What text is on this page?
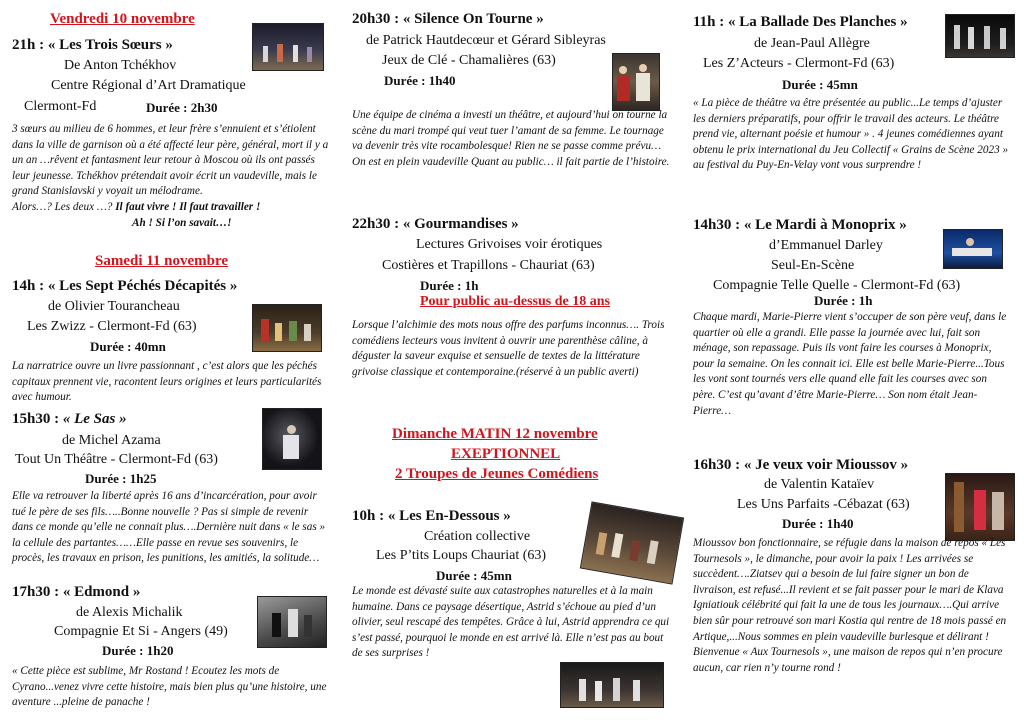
Vendredi 10 novembre
21h : « Les Trois Sœurs »
De Anton Tchékhov
Centre Régional d’Art Dramatique
Clermont-Fd	Durée : 2h30
3 sœurs au milieu de 6 hommes, et leur frère s’ennuient et s’étiolent dans la ville de garnison où a été affecté leur père, général, mort il y a un an …rêvent et fantasment leur retour à Moscou où ils ont passés leur jeunesse. Tchékhov prétendait avoir écrit un vaudeville, mais le grand Stanislavski y voyait un mélodrame.
Alors…? Les deux …? Il faut vivre ! Il faut travailler !
Ah ! Si l’on savait…!
Samedi 11 novembre
14h : « Les Sept Péchés Décapités »
de Olivier Tourancheau
Les Zwizz - Clermont-Fd (63)
Durée : 40mn
La narratrice ouvre un livre passionnant , c’est alors que les péchés capitaux prennent vie, racontent leurs origines et leurs particularités avec humour.
15h30 : « Le Sas »
de Michel Azama
Tout Un Théâtre - Clermont-Fd (63)
Durée : 1h25
Elle va retrouver la liberté après 16 ans d’incarcération, pour avoir tué le père de ses fils…..Bonne nouvelle ? Pas si simple de revenir dans ce monde qu’elle ne connait plus….Dernière nuit dans « le sas » la cellule des partantes……Elle passe en revue ses souvenirs, le procès, les travaux en prison, les punitions, les amitiés, la solitude…
17h30 : « Edmond »
de Alexis Michalik
Compagnie Et Si - Angers (49)
Durée : 1h20
« Cette pièce est sublime, Mr Rostand ! Ecoutez les mots de Cyrano...venez vivre cette histoire, mais bien plus qu’une histoire, une aventure ...pleine de panache !
20h30 : « Silence On Tourne »
de Patrick Hautdecœur et Gérard Sibleyras
Jeux de Clé - Chamalières (63)
Durée : 1h40
Une équipe de cinéma a investi un théâtre, et aujourd’hui on tourne la scène du mari trompé qui veut tuer l’amant de sa femme. Le tournage va devenir très vite rocambolesque! Rien ne se passe comme prévu…On est en plein vaudeville Quant au public… il fait partie de l’histoire.
22h30 : « Gourmandises »
Lectures Grivoises voir érotiques
Costières et Trapillons - Chauriat (63)
Durée : 1h
Pour public au-dessus de 18 ans
Lorsque l’alchimie des mots nous offre des parfums inconnus…. Trois comédiens lecteurs vous invitent à ouvrir une parenthèse câline, à déguster la saveur exquise et sensuelle de textes de la littérature grivoise classique et contemporaine.(réservé à un public averti)
Dimanche MATIN 12 novembre
EXEPTIONNEL
2 Troupes de Jeunes Comédiens
10h : « Les En-Dessous »
Création collective
Les P’tits Loups Chauriat (63)
Durée : 45mn
Le monde est dévasté suite aux catastrophes naturelles et à la main humaine. Dans ce paysage désertique, Astrid s’échoue au pied d’un olivier, seul rescapé des tempêtes. Grâce à lui, Astrid apprendra ce qui s’est passé, pourquoi le monde en est arrivé là. Elle n’est pas au bout de ses surprises !
11h : « La Ballade Des Planches »
de Jean-Paul Allègre
Les Z’Acteurs - Clermont-Fd (63)
Durée : 45mn
« La pièce de théâtre va être présentée au public...Le temps d’ajuster les derniers préparatifs, pour offrir le travail des acteurs. Le théâtre prend vie, alternant poésie et humour » . 4 jeunes comédiennes ayant obtenu le prix international du Jeu Collectif « Grains de Scène 2023 » au festival du Puy-En-Velay vont vous surprendre !
14h30 : « Le Mardi à Monoprix »
d’Emmanuel Darley
Seul-En-Scène
Compagnie Telle Quelle - Clermont-Fd (63)
Durée : 1h
Chaque mardi, Marie-Pierre vient s’occuper de son père veuf, dans le quartier où elle a grandi. Elle passe la journée avec lui, fait son ménage, son repassage. Puis ils vont faire les courses à Monoprix, pour la semaine. On les connait ici. Elle est belle Marie-Pierre...Tous les vont sont tournés vers elle quand elle fait les courses avec son père. C’est qu’avant d’être Marie-Pierre… Son nom était Jean-Pierre…
16h30 : « Je veux voir Mioussov »
de Valentin Kataïev
Les Uns Parfaits -Cébazat (63)
Durée : 1h40
Mioussov bon fonctionnaire, se réfugie dans la maison de repos « Les Tournesols », le dimanche, pour avoir la paix ! Les arrivées se succèdent….Ziatsev qui a besoin de lui faire signer un bon de livraison, est refusé...Il revient et se fait passer pour le mari de Klava Igniatiouk célébrité qui fait la une de tous les journaux….Qui arrive bien sûr pour retrouvé son mari Kostia qui rentre de 18 mois passé en Artique,...Nous sommes en plein vaudeville burlesque et délirant ! Bienvenue « Aux Tournesols », une maison de repos qui n’en procure aucun, car rien n’y tourne rond !
